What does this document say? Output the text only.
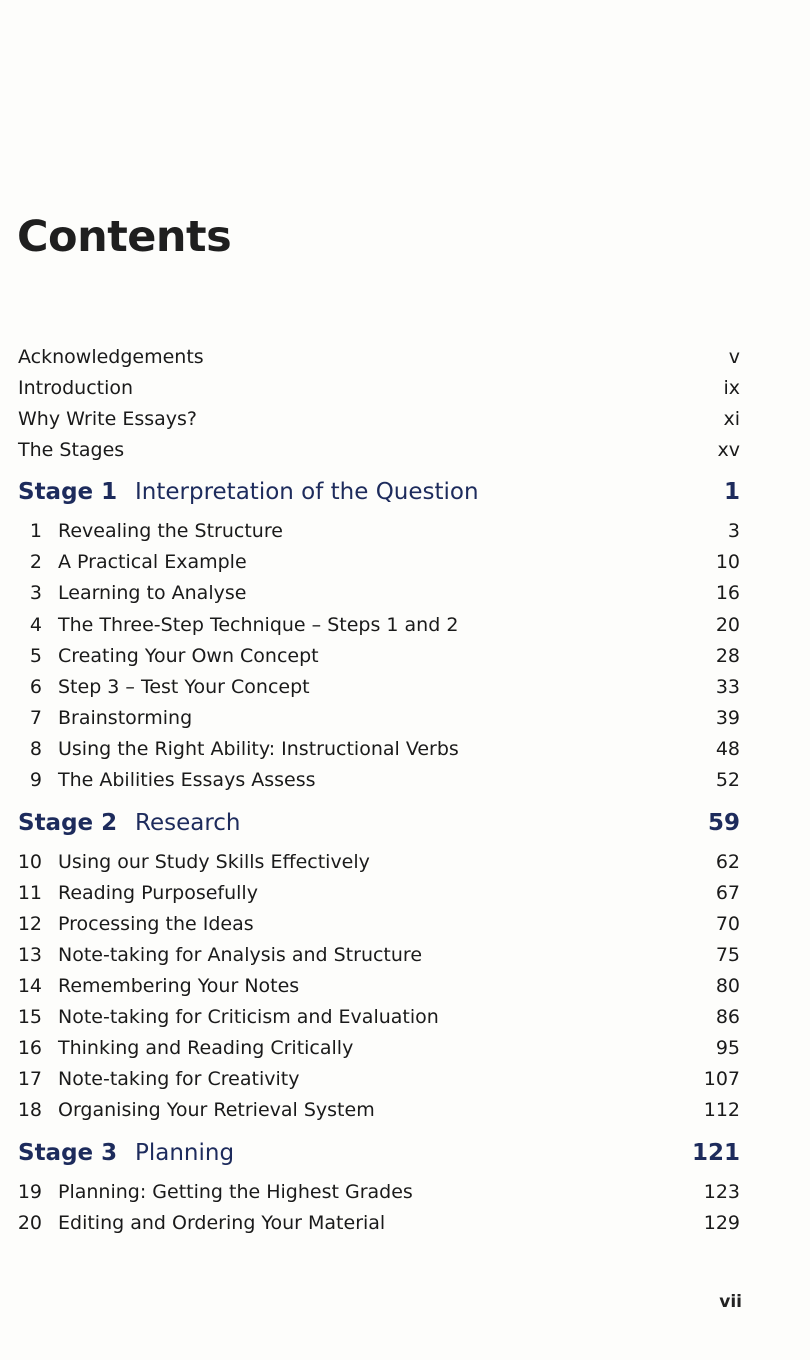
Contents
Acknowledgements	v
Introduction	ix
Why Write Essays?	xi
The Stages	xv
Stage 1 Interpretation of the Question	1
1 Revealing the Structure	3
2 A Practical Example	10
3 Learning to Analyse	16
4 The Three-Step Technique – Steps 1 and 2	20
5 Creating Your Own Concept	28
6 Step 3 – Test Your Concept	33
7 Brainstorming	39
8 Using the Right Ability: Instructional Verbs	48
9 The Abilities Essays Assess	52
Stage 2 Research	59
10 Using our Study Skills Effectively	62
11 Reading Purposefully	67
12 Processing the Ideas	70
13 Note-taking for Analysis and Structure	75
14 Remembering Your Notes	80
15 Note-taking for Criticism and Evaluation	86
16 Thinking and Reading Critically	95
17 Note-taking for Creativity	107
18 Organising Your Retrieval System	112
Stage 3 Planning	121
19 Planning: Getting the Highest Grades	123
20 Editing and Ordering Your Material	129
vii
